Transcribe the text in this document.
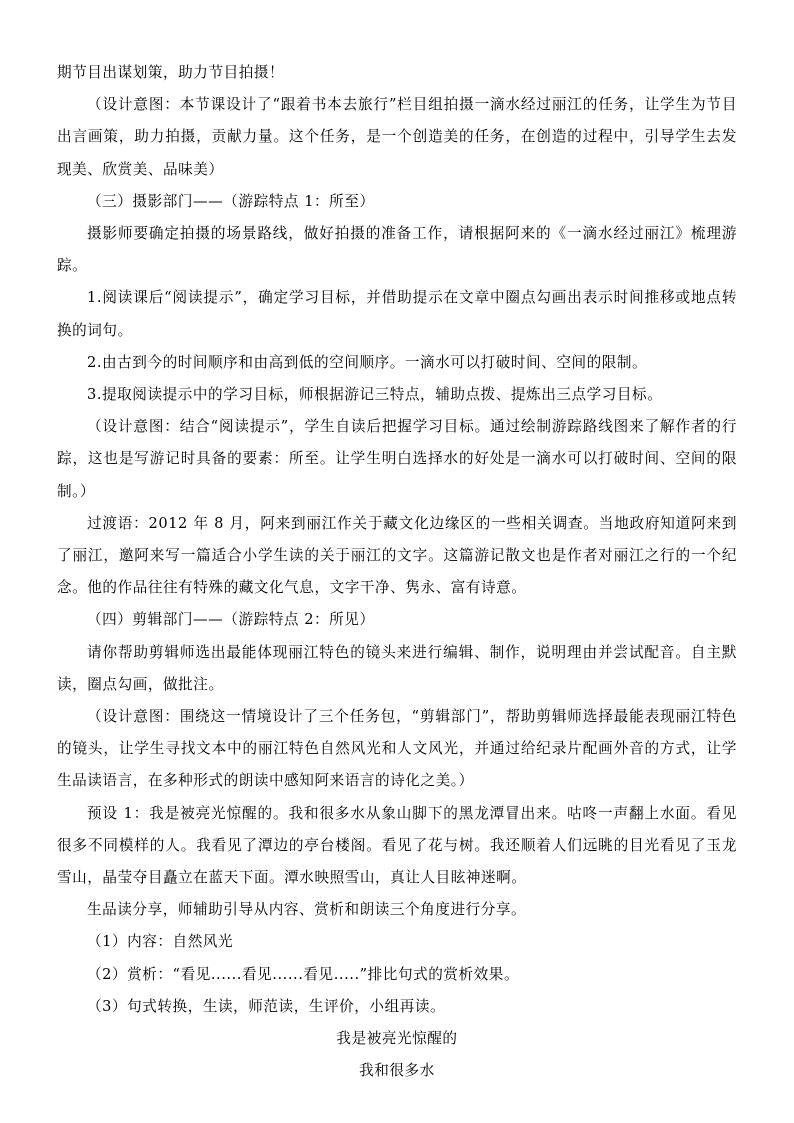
期节目出谋划策，助力节目拍摄！

（设计意图：本节课设计了“跟着书本去旅行”栏目组拍摄一滴水经过丽江的任务，让学生为节目出言画策，助力拍摄，贡献力量。这个任务，是一个创造美的任务，在创造的过程中，引导学生去发现美、欣赏美、品味美）

（三）摄影部门——（游踪特点 1：所至）

摄影师要确定拍摄的场景路线，做好拍摄的准备工作，请根据阿来的《一滴水经过丽江》梳理游踪。

1.阅读课后“阅读提示”，确定学习目标，并借助提示在文章中圈点勾画出表示时间推移或地点转换的词句。

2.由古到今的时间顺序和由高到低的空间顺序。一滴水可以打破时间、空间的限制。

3.提取阅读提示中的学习目标，师根据游记三特点，辅助点拨、提炼出三点学习目标。

（设计意图：结合“阅读提示”，学生自读后把握学习目标。通过绘制游踪路线图来了解作者的行踪，这也是写游记时具备的要素：所至。让学生明白选择水的好处是一滴水可以打破时间、空间的限制。）

过渡语：2012 年 8 月，阿来到丽江作关于藏文化边缘区的一些相关调查。当地政府知道阿来到了丽江，邀阿来写一篇适合小学生读的关于丽江的文字。这篇游记散文也是作者对丽江之行的一个纪念。他的作品往往有特殊的藏文化气息，文字干净、隽永、富有诗意。

（四）剪辑部门——（游踪特点 2：所见）

请你帮助剪辑师选出最能体现丽江特色的镜头来进行编辑、制作，说明理由并尝试配音。自主默读，圈点勾画，做批注。

（设计意图：围绕这一情境设计了三个任务包，“剪辑部门”，帮助剪辑师选择最能表现丽江特色的镜头，让学生寻找文本中的丽江特色自然风光和人文风光，并通过给纪录片配画外音的方式，让学生品读语言，在多种形式的朗读中感知阿来语言的诗化之美。）

预设 1：我是被亮光惊醒的。我和很多水从象山脚下的黑龙潭冒出来。咕咚一声翻上水面。看见很多不同模样的人。我看见了潭边的亭台楼阁。看见了花与树。我还顺着人们远眺的目光看见了玉龙雪山，晶莹夺目矗立在蓝天下面。潭水映照雪山，真让人目眩神迷啊。

生品读分享，师辅助引导从内容、赏析和朗读三个角度进行分享。

（1）内容：自然风光

（2）赏析：“看见......看见......看见.....”排比句式的赏析效果。

（3）句式转换，生读，师范读，生评价，小组再读。

我是被亮光惊醒的

我和很多水
